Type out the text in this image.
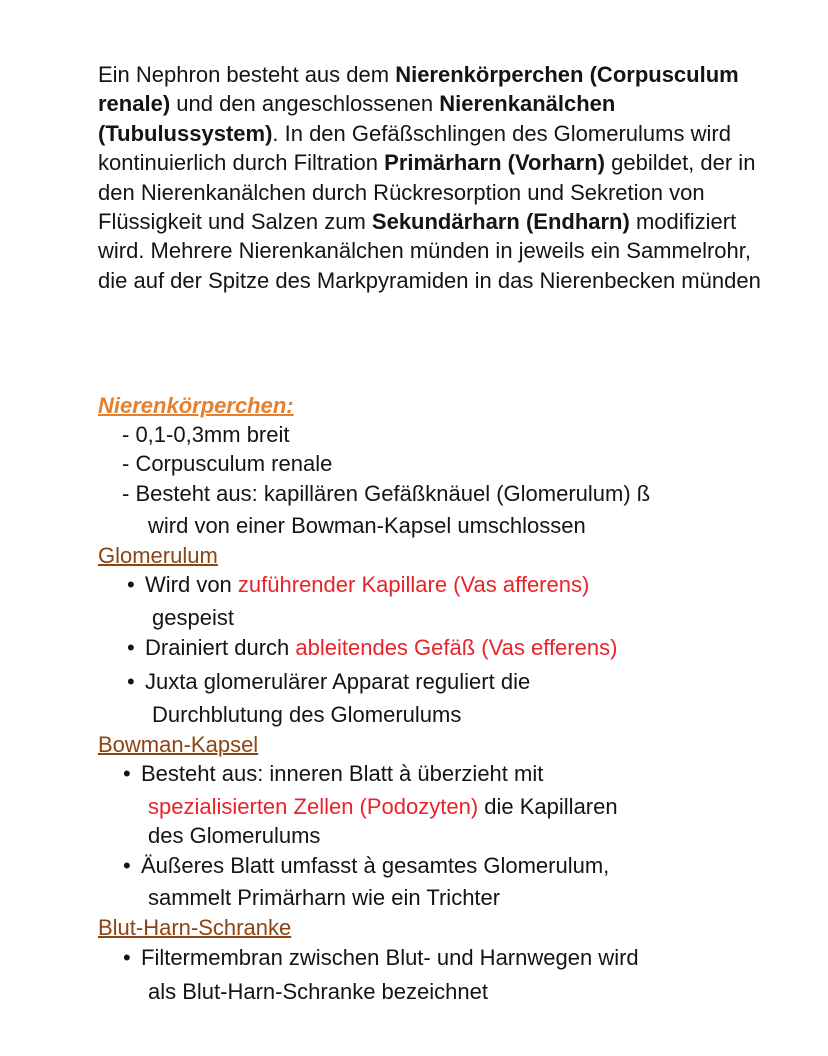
Ein Nephron besteht aus dem Nierenkörperchen (Corpusculum renale) und den angeschlossenen Nierenkanälchen (Tubulussystem). In den Gefäßschlingen des Glomerulums wird kontinuierlich durch Filtration Primärharn (Vorharn) gebildet, der in den Nierenkanälchen durch Rückresorption und Sekretion von Flüssigkeit und Salzen zum Sekundärharn (Endharn) modifiziert wird. Mehrere Nierenkanälchen münden in jeweils ein Sammelrohr, die auf der Spitze des Markpyramiden in das Nierenbecken münden

Nierenkörperchen:
- 0,1-0,3mm breit
- Corpusculum renale
- Besteht aus: kapillären Gefäßknäuel (Glomerulum) ß
wird von einer Bowman-Kapsel umschlossen
Glomerulum
• Wird von zuführender Kapillare (Vas afferens)
gespeist
• Drainiert durch ableitendes Gefäß (Vas efferens)
• Juxta glomerulärer Apparat reguliert die
Durchblutung des Glomerulums
Bowman-Kapsel
• Besteht aus: inneren Blatt à überzieht mit
spezialisierten Zellen (Podozyten) die Kapillaren
des Glomerulums
• Äußeres Blatt umfasst à gesamtes Glomerulum,
sammelt Primärharn wie ein Trichter
Blut-Harn-Schranke
• Filtermembran zwischen Blut- und Harnwegen wird
als Blut-Harn-Schranke bezeichnet
